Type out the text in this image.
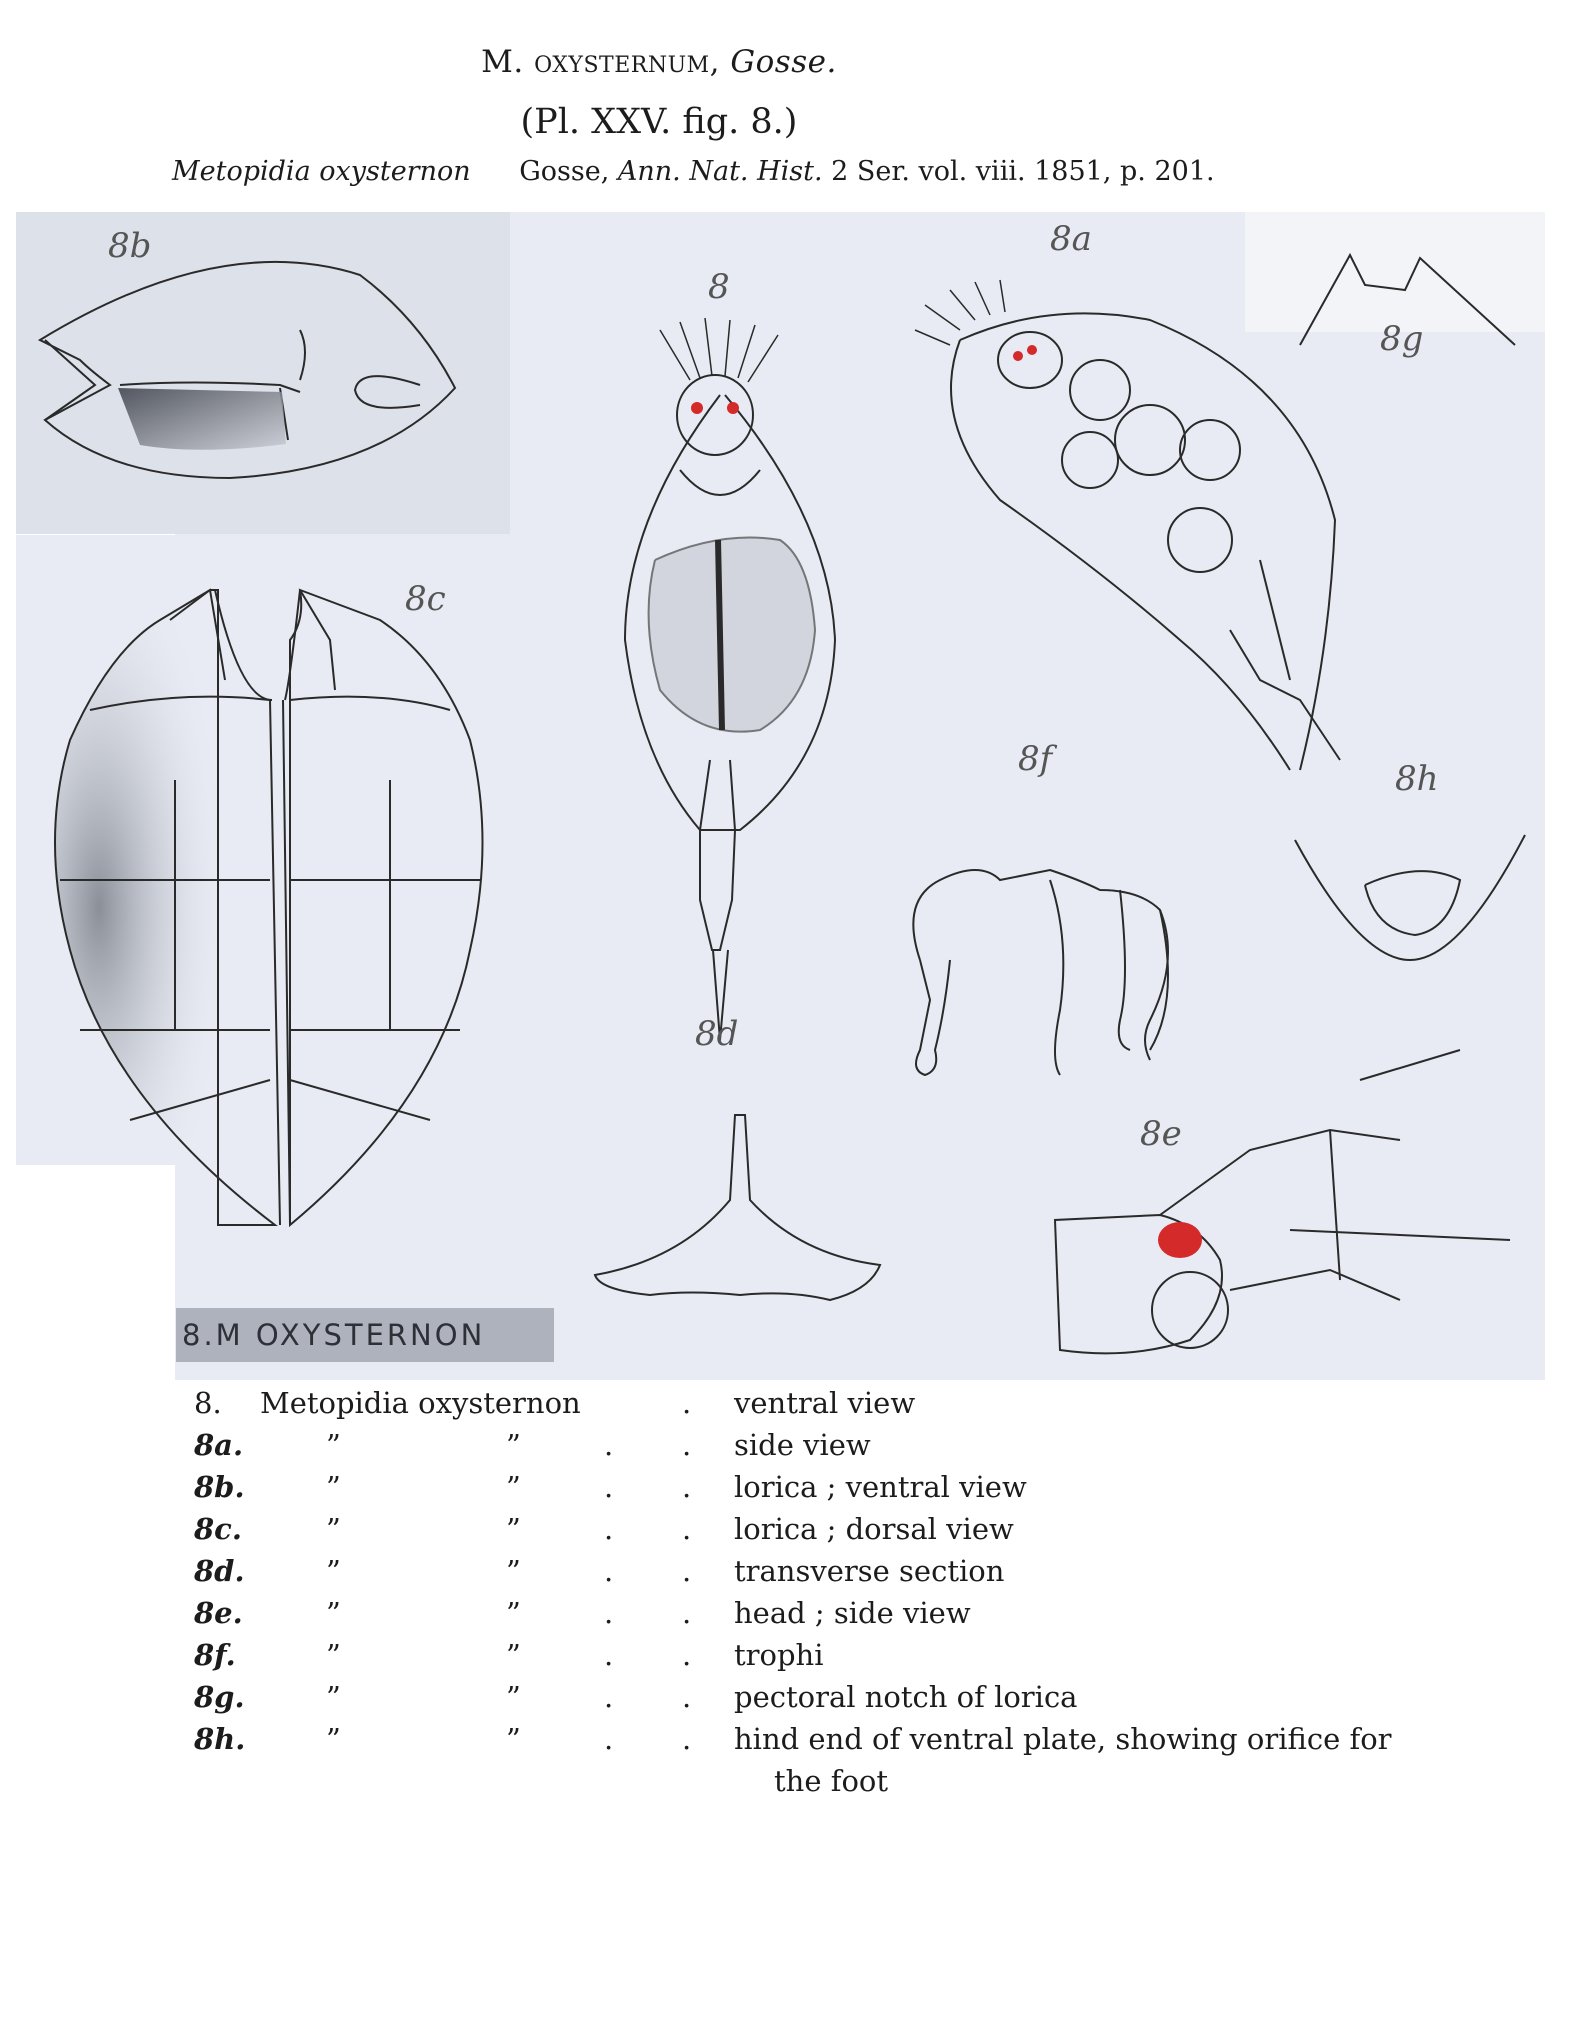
M. oxysternum, Gosse.
(Pl. XXV. fig. 8.)
Metopidia oxysternon Gosse, Ann. Nat. Hist. 2 Ser. vol. viii. 1851, p. 201.
8b
8
8a
8g
8c
8f	8h
8d
8e
8.M OXYSTERNON
8. Metopidia oxysternon	. ventral view
8a.	”	”	. . side view
8b.	”	”	. . lorica ; ventral view
8c.	”	”	. . lorica ; dorsal view
8d.	”	”	. . transverse section
8e.	”	”	. . head ; side view
8f.	”	”	. . trophi
8g.	”	”	. . pectoral notch of lorica
8h.	”	”	. . hind end of ventral plate, showing orifice for
the foot
